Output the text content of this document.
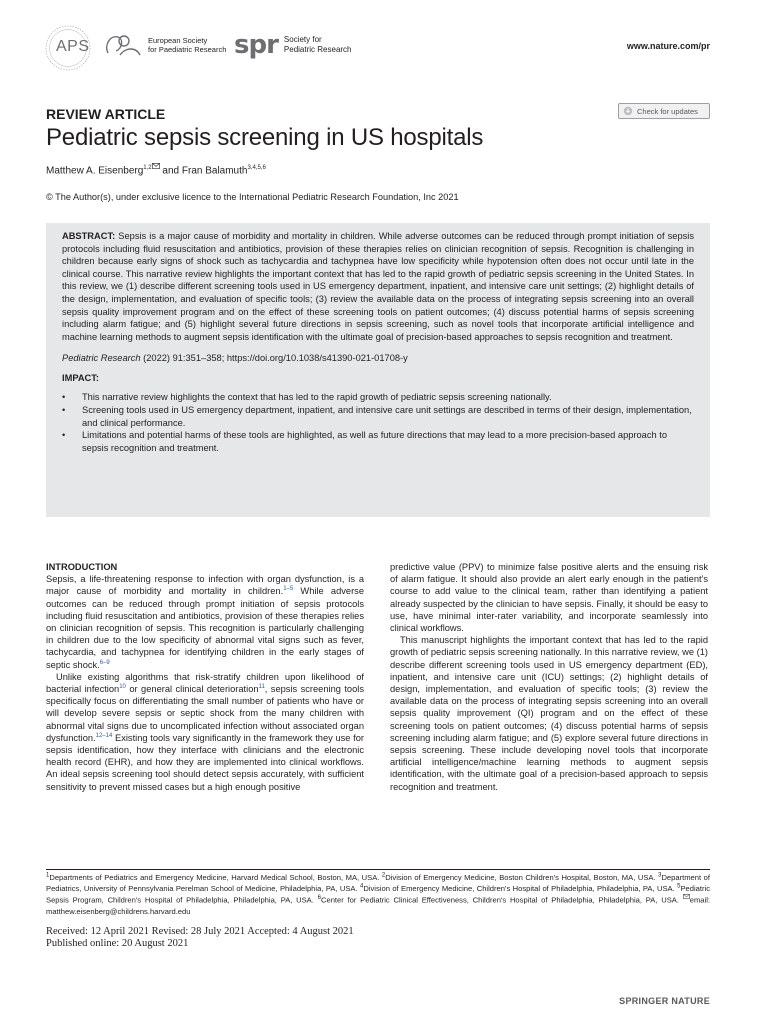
APS	European Society
for Paediatric Research spr Society for
Pediatric Research	www.nature.com/pr
Check for updates
REVIEW ARTICLE
Pediatric sepsis screening in US hospitals
Matthew A. Eisenberg$^{1,2}$ and Fran Balamuth$^{3,4,5,6}$
© The Author(s), under exclusive licence to the International Pediatric Research Foundation, Inc 2021

ABSTRACT: Sepsis is a major cause of morbidity and mortality in children. While adverse outcomes can be reduced through prompt initiation of sepsis protocols including fluid resuscitation and antibiotics, provision of these therapies relies on clinician recognition of sepsis. Recognition is challenging in children because early signs of shock such as tachycardia and tachypnea have low specificity while hypotension often does not occur until late in the clinical course. This narrative review highlights the important context that has led to the rapid growth of pediatric sepsis screening in the United States. In this review, we (1) describe different screening tools used in US emergency department, inpatient, and intensive care unit settings; (2) highlight details of the design, implementation, and evaluation of specific tools; (3) review the available data on the process of integrating sepsis screening into an overall sepsis quality improvement program and on the effect of these screening tools on patient outcomes; (4) discuss potential harms of sepsis screening including alarm fatigue; and (5) highlight several future directions in sepsis screening, such as novel tools that incorporate artificial intelligence and machine learning methods to augment sepsis identification with the ultimate goal of precision-based approaches to sepsis recognition and treatment.

Pediatric Research (2022) 91:351–358; https://doi.org/10.1038/s41390-021-01708-y
IMPACT:
• This narrative review highlights the context that has led to the rapid growth of pediatric sepsis screening nationally.
• Screening tools used in US emergency department, inpatient, and intensive care unit settings are described in terms of their design, implementation, and clinical performance.
• Limitations and potential harms of these tools are highlighted, as well as future directions that may lead to a more precision-based approach to sepsis recognition and treatment.
INTRODUCTION

Sepsis, a life-threatening response to infection with organ dysfunction, is a major cause of morbidity and mortality in children.$^{1-5}$ While adverse outcomes can be reduced through prompt initiation of sepsis protocols including fluid resuscitation and antibiotics, provision of these therapies relies on clinician recognition of sepsis. This recognition is particularly challenging in children due to the low specificity of abnormal vital signs such as fever, tachycardia, and tachypnea for identifying children in the early stages of septic shock.$^{6-9}$

Unlike existing algorithms that risk-stratify children upon likelihood of bacterial infection$^{10}$ or general clinical deterioration$^{11}$, sepsis screening tools specifically focus on differentiating the small number of patients who have or will develop severe sepsis or septic shock from the many children with abnormal vital signs due to uncomplicated infection without associated organ dysfunction.$^{12-14}$ Existing tools vary significantly in the framework they use for sepsis identification, how they interface with clinicians and the electronic health record (EHR), and how they are implemented into clinical workflows. An ideal sepsis screening tool should detect sepsis accurately, with sufficient sensitivity to prevent missed cases but a high enough positive

predictive value (PPV) to minimize false positive alerts and the ensuing risk of alarm fatigue. It should also provide an alert early enough in the patient's course to add value to the clinical team, rather than identifying a patient already suspected by the clinician to have sepsis. Finally, it should be easy to use, have minimal inter-rater variability, and incorporate seamlessly into clinical workflows.

This manuscript highlights the important context that has led to the rapid growth of pediatric sepsis screening nationally. In this narrative review, we (1) describe different screening tools used in US emergency department (ED), inpatient, and intensive care unit (ICU) settings; (2) highlight details of design, implementation, and evaluation of specific tools; (3) review the available data on the process of integrating sepsis screening into an overall sepsis quality improvement (QI) program and on the effect of these screening tools on patient outcomes; (4) discuss potential harms of sepsis screening including alarm fatigue; and (5) explore several future directions in sepsis screening. These include developing novel tools that incorporate artificial intelligence/machine learning methods to augment sepsis identification, with the ultimate goal of a precision-based approach to sepsis recognition and treatment.

$^1$Departments of Pediatrics and Emergency Medicine, Harvard Medical School, Boston, MA, USA. $^2$Division of Emergency Medicine, Boston Children's Hospital, Boston, MA, USA. $^3$Department of Pediatrics, University of Pennsylvania Perelman School of Medicine, Philadelphia, PA, USA. $^4$Division of Emergency Medicine, Children's Hospital of Philadelphia, Philadelphia, PA, USA. $^5$Pediatric Sepsis Program, Children's Hospital of Philadelphia, Philadelphia, PA, USA. $^6$Center for Pediatric Clinical Effectiveness, Children's Hospital of Philadelphia, Philadelphia, PA, USA. email: matthew.eisenberg@childrens.harvard.edu
Received: 12 April 2021 Revised: 28 July 2021 Accepted: 4 August 2021
Published online: 20 August 2021
SPRINGER NATURE
